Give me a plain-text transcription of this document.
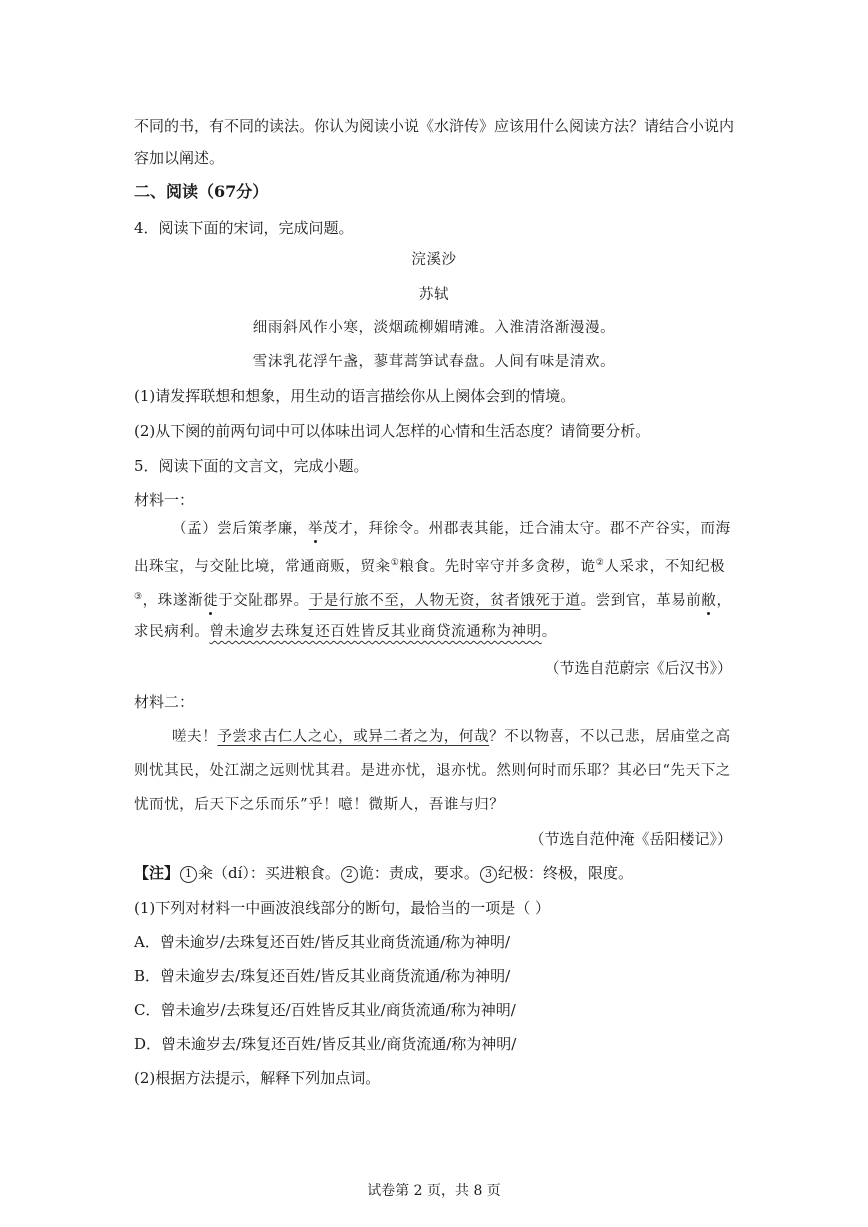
不同的书，有不同的读法。你认为阅读小说《水浒传》应该用什么阅读方法？请结合小说内
容加以阐述。
二、阅读（67分）
4．阅读下面的宋词，完成问题。
浣溪沙
苏轼
细雨斜风作小寒，淡烟疏柳媚晴滩。入淮清洛渐漫漫。
雪沫乳花浮午盏，蓼茸蒿笋试春盘。人间有味是清欢。
(1)请发挥联想和想象，用生动的语言描绘你从上阕体会到的情境。
(2)从下阕的前两句词中可以体味出词人怎样的心情和生活态度？请简要分析。
5．阅读下面的文言文，完成小题。
材料一：
（孟）尝后策孝廉，举茂才，拜徐令。州郡表其能，迁合浦太守。郡不产谷实，而海
出珠宝，与交阯比境，常通商贩，贸籴①粮食。先时宰守并多贪秽，诡②人采求，不知纪极
③，珠遂渐徙于交阯郡界。于是行旅不至，人物无资，贫者饿死于道。尝到官，革易前敝，
求民病利。曾未逾岁去珠复还百姓皆反其业商贷流通称为神明。
（节选自范蔚宗《后汉书》）
材料二：
嗟夫！予尝求古仁人之心，或异二者之为，何哉？不以物喜，不以己悲，居庙堂之高
则忧其民，处江湖之远则忧其君。是进亦忧，退亦忧。然则何时而乐耶？其必曰“先天下之
忧而忧，后天下之乐而乐”乎！噫！微斯人，吾谁与归？
（节选自范仲淹《岳阳楼记》）
【注】 1 籴（dí）：买进粮食。 2 诡：责成，要求。 3 纪极：终极，限度。
(1)下列对材料一中画波浪线部分的断句，最恰当的一项是（ ）
A．曾未逾岁/去珠复还百姓/皆反其业商货流通/称为神明/
B．曾未逾岁去/珠复还百姓/皆反其业商货流通/称为神明/
C．曾未逾岁/去珠复还/百姓皆反其业/商货流通/称为神明/
D．曾未逾岁去/珠复还百姓/皆反其业/商货流通/称为神明/
(2)根据方法提示，解释下列加点词。
试卷第 2 页，共 8 页
